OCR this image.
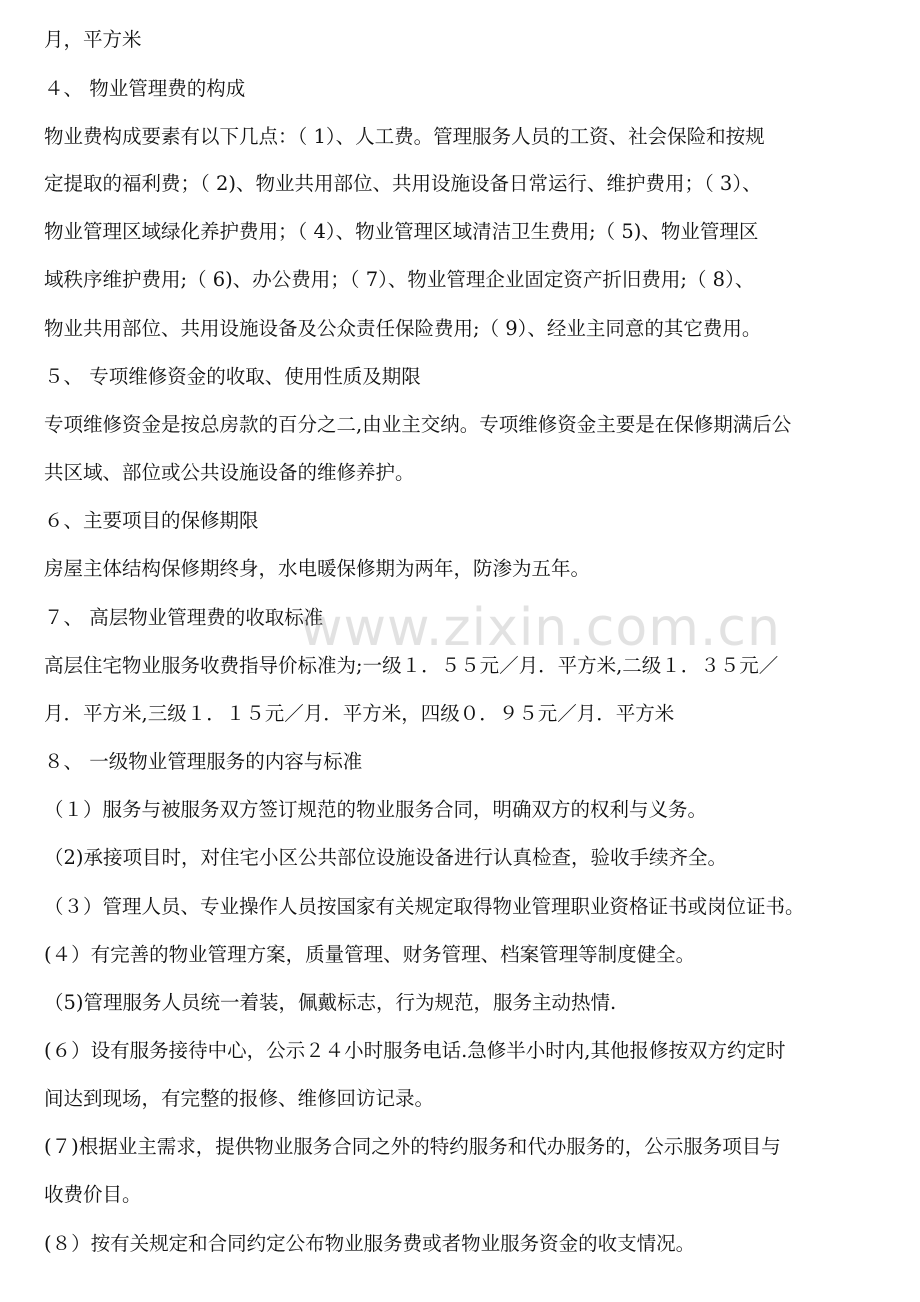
月，平方米
４、 物业管理费的构成
物业费构成要素有以下几点：（ 1）、人工费。管理服务人员的工资、社会保险和按规
定提取的福利费；（ 2)、物业共用部位、共用设施设备日常运行、维护费用；（ 3）、
物业管理区域绿化养护费用；（ 4）、物业管理区域清洁卫生费用;（ 5)、物业管理区
域秩序维护费用;（ 6)、办公费用；（ 7）、物业管理企业固定资产折旧费用;（ 8）、
物业共用部位、共用设施设备及公众责任保险费用;（ 9）、经业主同意的其它费用。
５、 专项维修资金的收取、使用性质及期限
专项维修资金是按总房款的百分之二,由业主交纳。专项维修资金主要是在保修期满后公
共区域、部位或公共设施设备的维修养护。
６、主要项目的保修期限
房屋主体结构保修期终身，水电暖保修期为两年，防渗为五年。
７、 高层物业管理费的收取标准
高层住宅物业服务收费指导价标准为;一级１．５５元／月．平方米,二级１．３５元／
月．平方米,三级１．１５元／月．平方米，四级０．９５元／月．平方米
８、 一级物业管理服务的内容与标准
（１）服务与被服务双方签订规范的物业服务合同，明确双方的权利与义务。
（2)承接项目时，对住宅小区公共部位设施设备进行认真检查，验收手续齐全。
（３）管理人员、专业操作人员按国家有关规定取得物业管理职业资格证书或岗位证书。
(４）有完善的物业管理方案，质量管理、财务管理、档案管理等制度健全。
（5)管理服务人员统一着装，佩戴标志，行为规范，服务主动热情.
(６）设有服务接待中心，公示２４小时服务电话.急修半小时内,其他报修按双方约定时
间达到现场，有完整的报修、维修回访记录。
(７)根据业主需求，提供物业服务合同之外的特约服务和代办服务的，公示服务项目与
收费价目。
(８）按有关规定和合同约定公布物业服务费或者物业服务资金的收支情况。
www.zixin.com.cn
